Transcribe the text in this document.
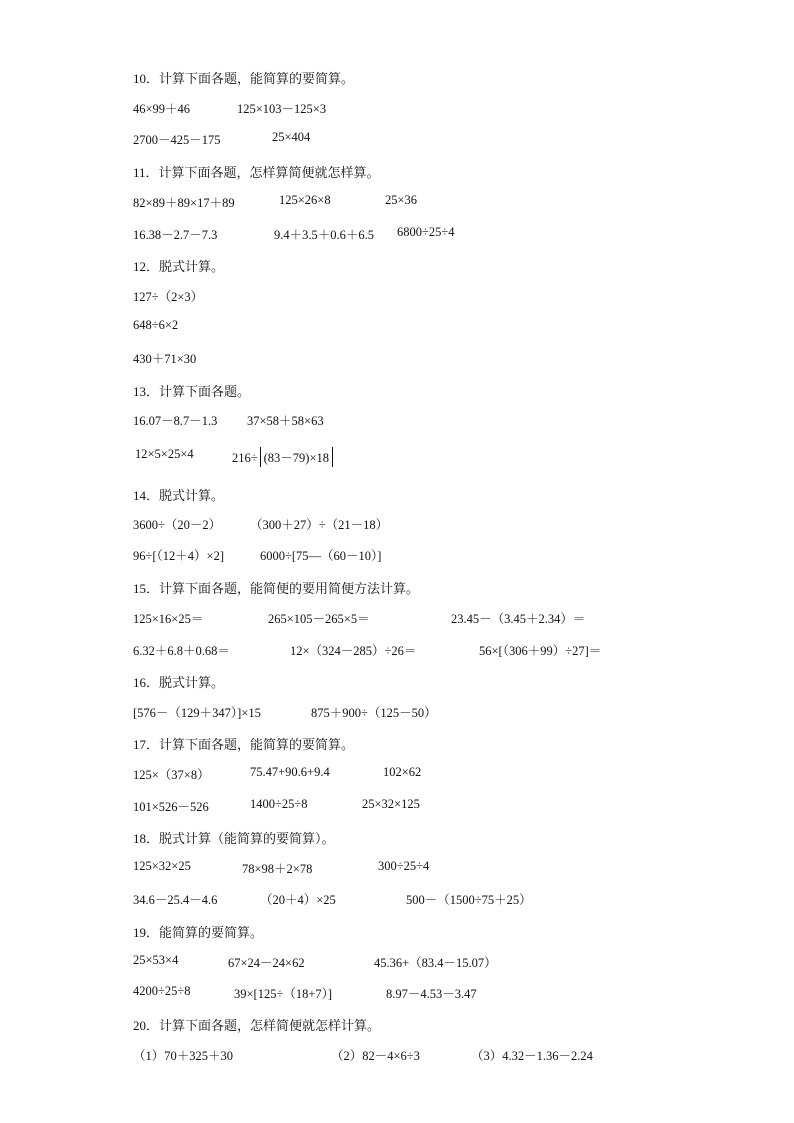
10．计算下面各题，能简算的要简算。
46×99＋46	125×103－125×3
2700－425－175	25×404
11．计算下面各题，怎样算简便就怎样算。
82×89＋89×17＋89	125×26×8	25×36
16.38－2.7－7.3	9.4＋3.5＋0.6＋6.5 6800÷25÷4
12．脱式计算。
127÷（2×3）
648÷6×2
430＋71×30
13．计算下面各题。
16.07－8.7－1.3 37×58＋58×63
12×5×25×4	216÷ (83－79)×18
14．脱式计算。
3600÷（20－2） （300＋27）÷（21－18）
96÷[（12＋4）×2]	6000÷[75—（60－10）]
15．计算下面各题，能简便的要用简便方法计算。
125×16×25＝	265×105－265×5＝	23.45－（3.45＋2.34）＝
6.32＋6.8＋0.68＝	12×（324－285）÷26＝	56×[（306＋99）÷27]＝
16．脱式计算。
[576－（129＋347）]×15	875＋900÷（125－50）
17．计算下面各题，能简算的要简算。
125×（37×8）	75.47+90.6+9.4	102×62
101×526－526	1400÷25÷8	25×32×125
18．脱式计算（能简算的要简算）。
125×32×25	78×98＋2×78	300÷25÷4
34.6－25.4－4.6	（20＋4）×25	500－（1500÷75＋25）
19．能简算的要简算。
25×53×4	67×24－24×62	45.36+（83.4－15.07）
4200÷25÷8	39×[125÷（18+7）]	8.97－4.53－3.47
20．计算下面各题，怎样简便就怎样计算。
（1）70＋325＋30	（2）82－4×6÷3	（3）4.32－1.36－2.24
